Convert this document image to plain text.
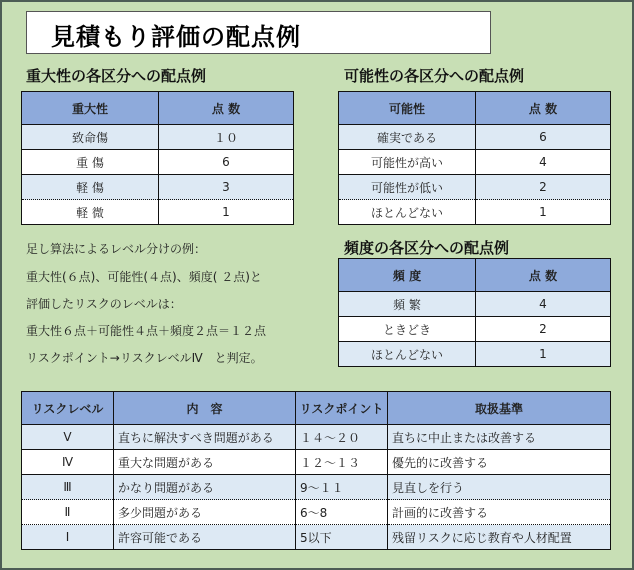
見積もり評価の配点例
重大性の各区分への配点例
重大性	点 数
致命傷	１０
重 傷	6
軽 傷	3
軽 微	1
可能性の各区分への配点例
可能性	点 数
確実である	6
可能性が高い	4
可能性が低い	2
ほとんどない	1
頻度の各区分への配点例
頻 度	点 数
頻 繁	4
ときどき	2
ほとんどない	1
足し算法によるレベル分けの例：
重大性(６点)、可能性(４点)、頻度( ２点)と
評価したリスクのレベルは：
重大性６点＋可能性４点＋頻度２点＝１２点
リスクポイント→リスクレベルⅣ　と判定。
リスクレベル	内　容	リスクポイント	取扱基準
Ⅴ	直ちに解決すべき問題がある	１４～２０	直ちに中止または改善する
Ⅳ	重大な問題がある	１２～１３	優先的に改善する
Ⅲ	かなり問題がある	9～１１	見直しを行う
Ⅱ	多少問題がある	6～8	計画的に改善する
Ⅰ	許容可能である	5以下	残留リスクに応じ教育や人材配置
